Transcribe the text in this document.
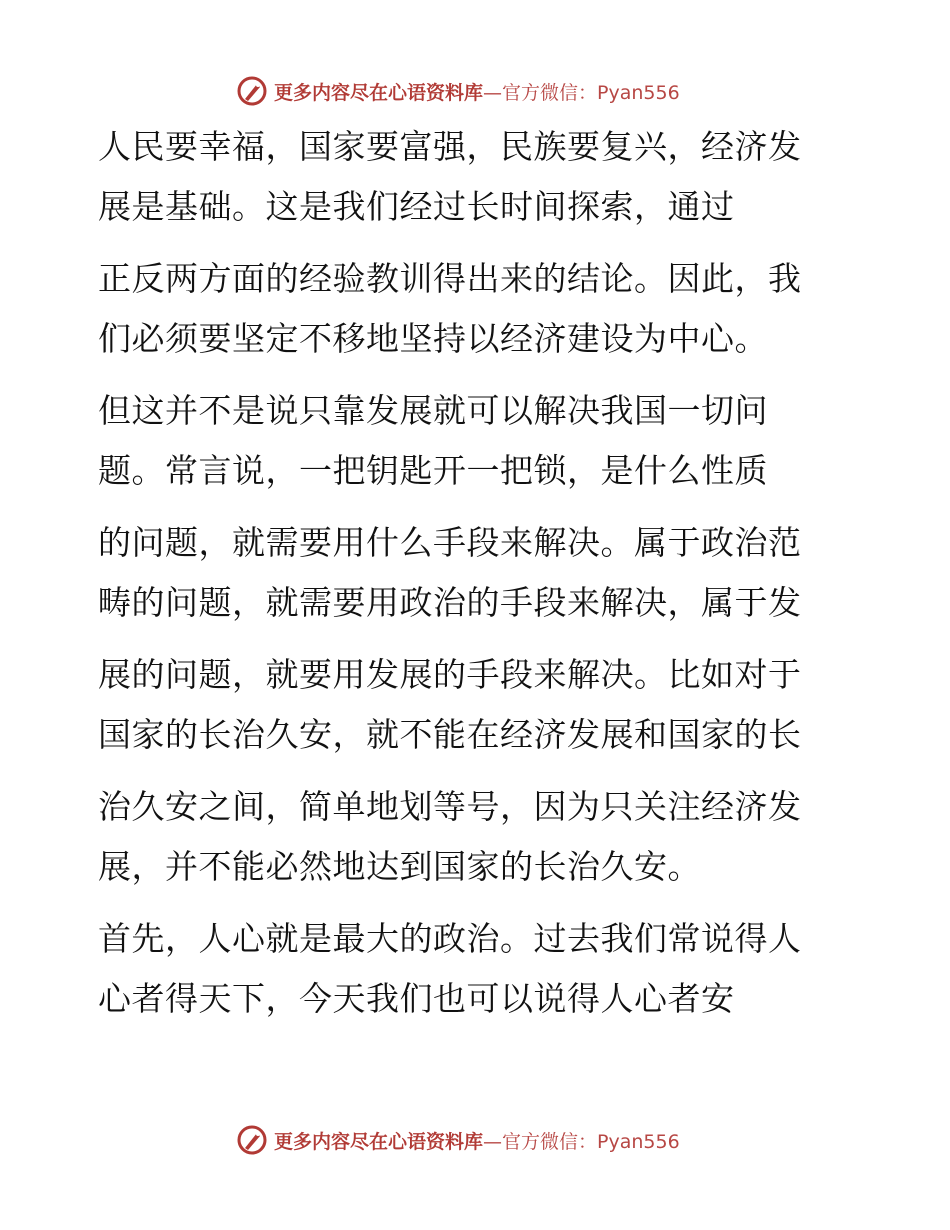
更多内容尽在心语资料库 —官方微信：Pyan556
人民要幸福，国家要富强，民族要复兴，经济发
展是基础。这是我们经过长时间探索，通过
正反两方面的经验教训得出来的结论。因此，我
们必须要坚定不移地坚持以经济建设为中心。
但这并不是说只靠发展就可以解决我国一切问
题。常言说，一把钥匙开一把锁，是什么性质
的问题，就需要用什么手段来解决。属于政治范
畴的问题，就需要用政治的手段来解决，属于发
展的问题，就要用发展的手段来解决。比如对于
国家的长治久安，就不能在经济发展和国家的长
治久安之间，简单地划等号，因为只关注经济发
展，并不能必然地达到国家的长治久安。
首先，人心就是最大的政治。过去我们常说得人
心者得天下，今天我们也可以说得人心者安
更多内容尽在心语资料库 —官方微信：Pyan556
